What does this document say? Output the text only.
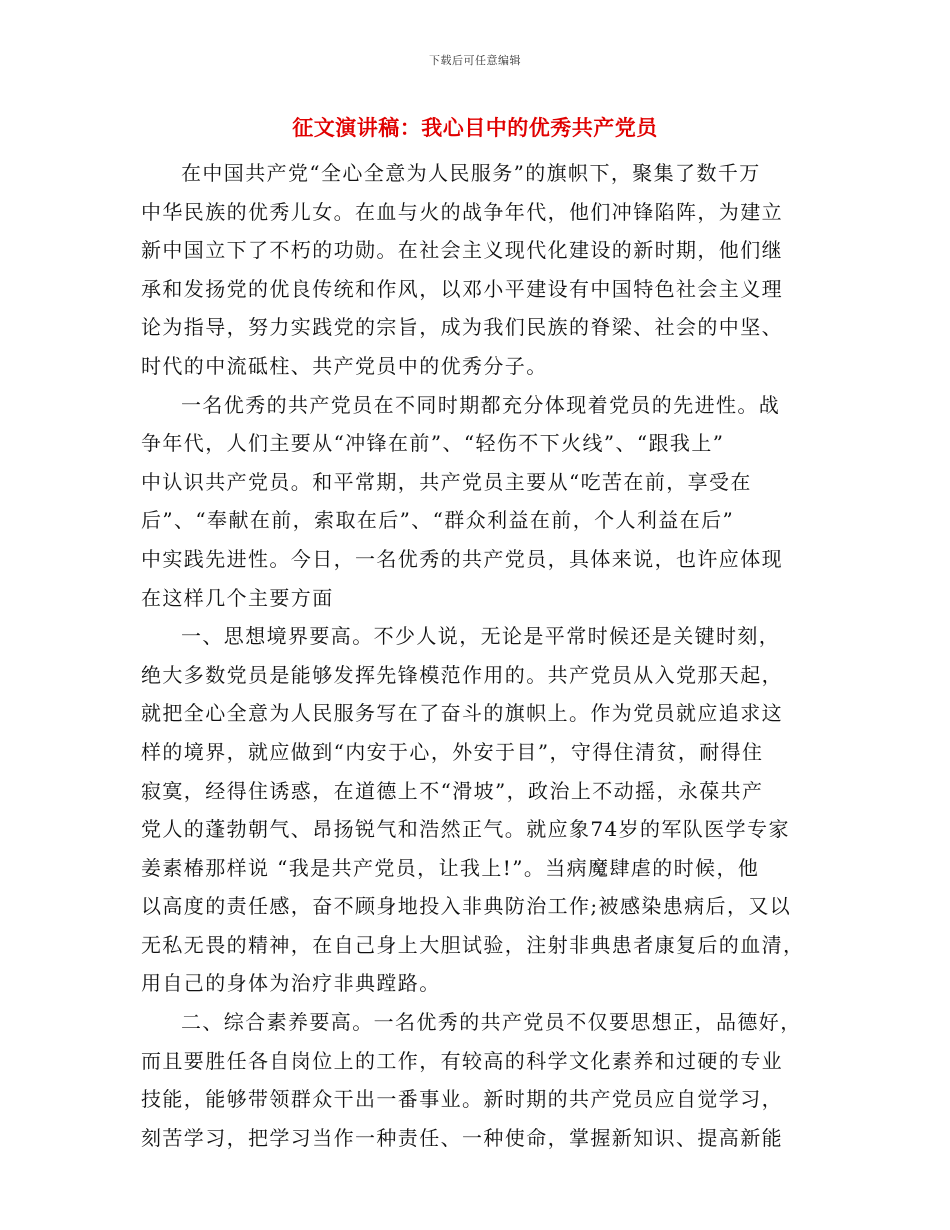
下载后可任意编辑
征文演讲稿：我心目中的优秀共产党员

在中国共产党“全心全意为人民服务”的旗帜下，聚集了数千万
中华民族的优秀儿女。在血与火的战争年代，他们冲锋陷阵，为建立
新中国立下了不朽的功勋。在社会主义现代化建设的新时期，他们继
承和发扬党的优良传统和作风，以邓小平建设有中国特色社会主义理
论为指导，努力实践党的宗旨，成为我们民族的脊梁、社会的中坚、
时代的中流砥柱、共产党员中的优秀分子。

一名优秀的共产党员在不同时期都充分体现着党员的先进性。战
争年代，人们主要从“冲锋在前”、“轻伤不下火线”、“跟我上”
中认识共产党员。和平常期，共产党员主要从“吃苦在前，享受在
后”、“奉献在前，索取在后”、“群众利益在前，个人利益在后”
中实践先进性。今日，一名优秀的共产党员，具体来说，也许应体现
在这样几个主要方面

一、思想境界要高。不少人说，无论是平常时候还是关键时刻，
绝大多数党员是能够发挥先锋模范作用的。共产党员从入党那天起，
就把全心全意为人民服务写在了奋斗的旗帜上。作为党员就应追求这
样的境界，就应做到“内安于心，外安于目”，守得住清贫，耐得住
寂寞，经得住诱惑，在道德上不“滑坡”，政治上不动摇，永葆共产
党人的蓬勃朝气、昂扬锐气和浩然正气。就应象74岁的军队医学专家
姜素椿那样说 “我是共产党员，让我上!”。当病魔肆虐的时候，他
以高度的责任感，奋不顾身地投入非典防治工作;被感染患病后，又以
无私无畏的精神，在自己身上大胆试验，注射非典患者康复后的血清，
用自己的身体为治疗非典蹚路。

二、综合素养要高。一名优秀的共产党员不仅要思想正，品德好，
而且要胜任各自岗位上的工作，有较高的科学文化素养和过硬的专业
技能，能够带领群众干出一番事业。新时期的共产党员应自觉学习，
刻苦学习，把学习当作一种责任、一种使命，掌握新知识、提高新能
